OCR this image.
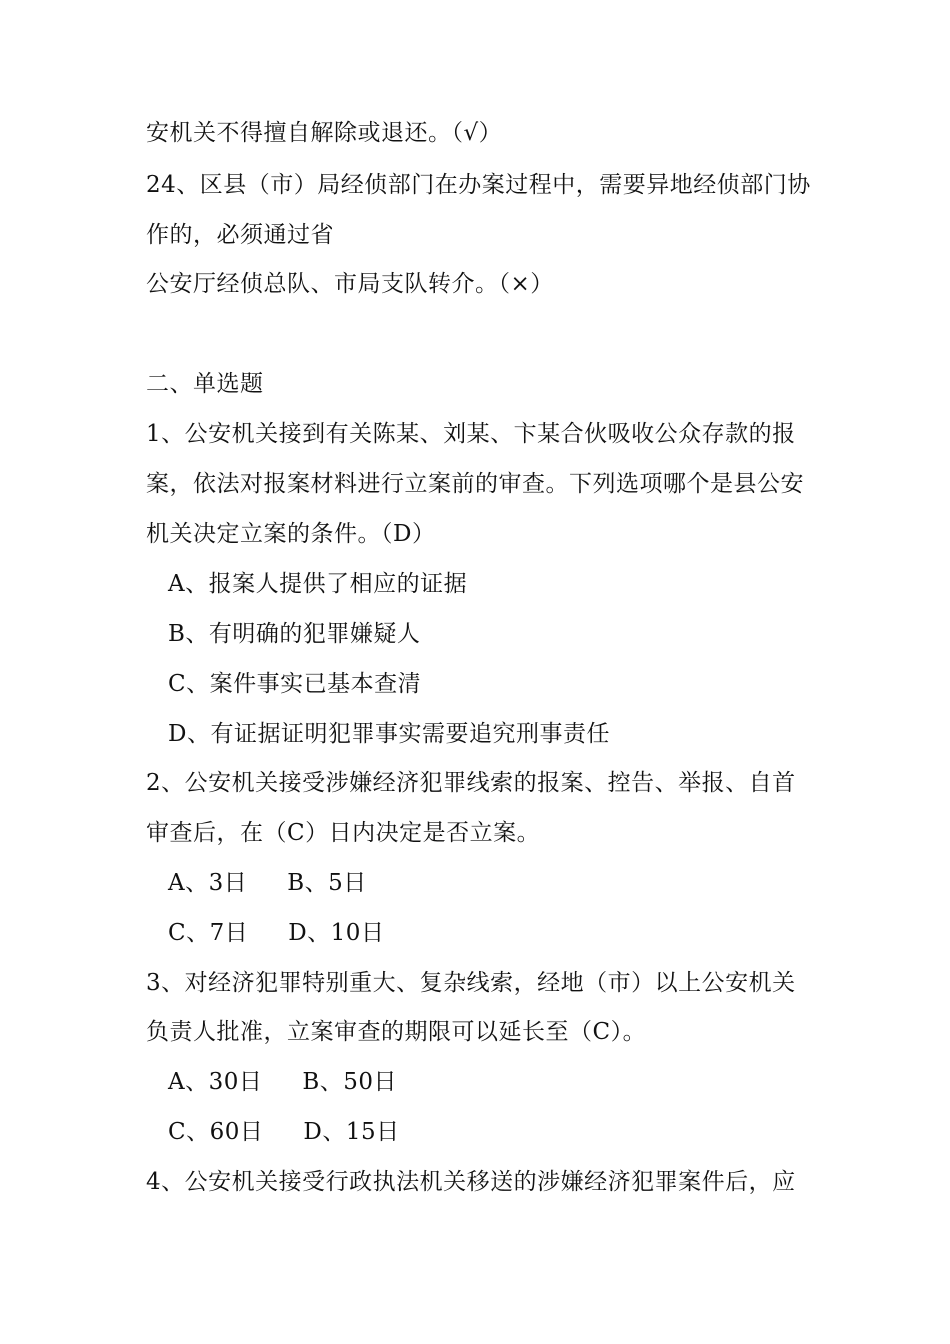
安机关不得擅自解除或退还。（√）
24、区县（市）局经侦部门在办案过程中，需要异地经侦部门协
作的，必须通过省
公安厅经侦总队、市局支队转介。（×）
二、单选题
1、公安机关接到有关陈某、刘某、卞某合伙吸收公众存款的报
案，依法对报案材料进行立案前的审查。下列选项哪个是县公安
机关决定立案的条件。（D）
A、报案人提供了相应的证据
B、有明确的犯罪嫌疑人
C、案件事实已基本查清
D、有证据证明犯罪事实需要追究刑事责任
2、公安机关接受涉嫌经济犯罪线索的报案、控告、举报、自首
审查后，在（C）日内决定是否立案。
A、3日 B、5日
C、7日 D、10日
3、对经济犯罪特别重大、复杂线索，经地（市）以上公安机关
负责人批准，立案审查的期限可以延长至（C）。
A、30日 B、50日
C、60日 D、15日
4、公安机关接受行政执法机关移送的涉嫌经济犯罪案件后，应
